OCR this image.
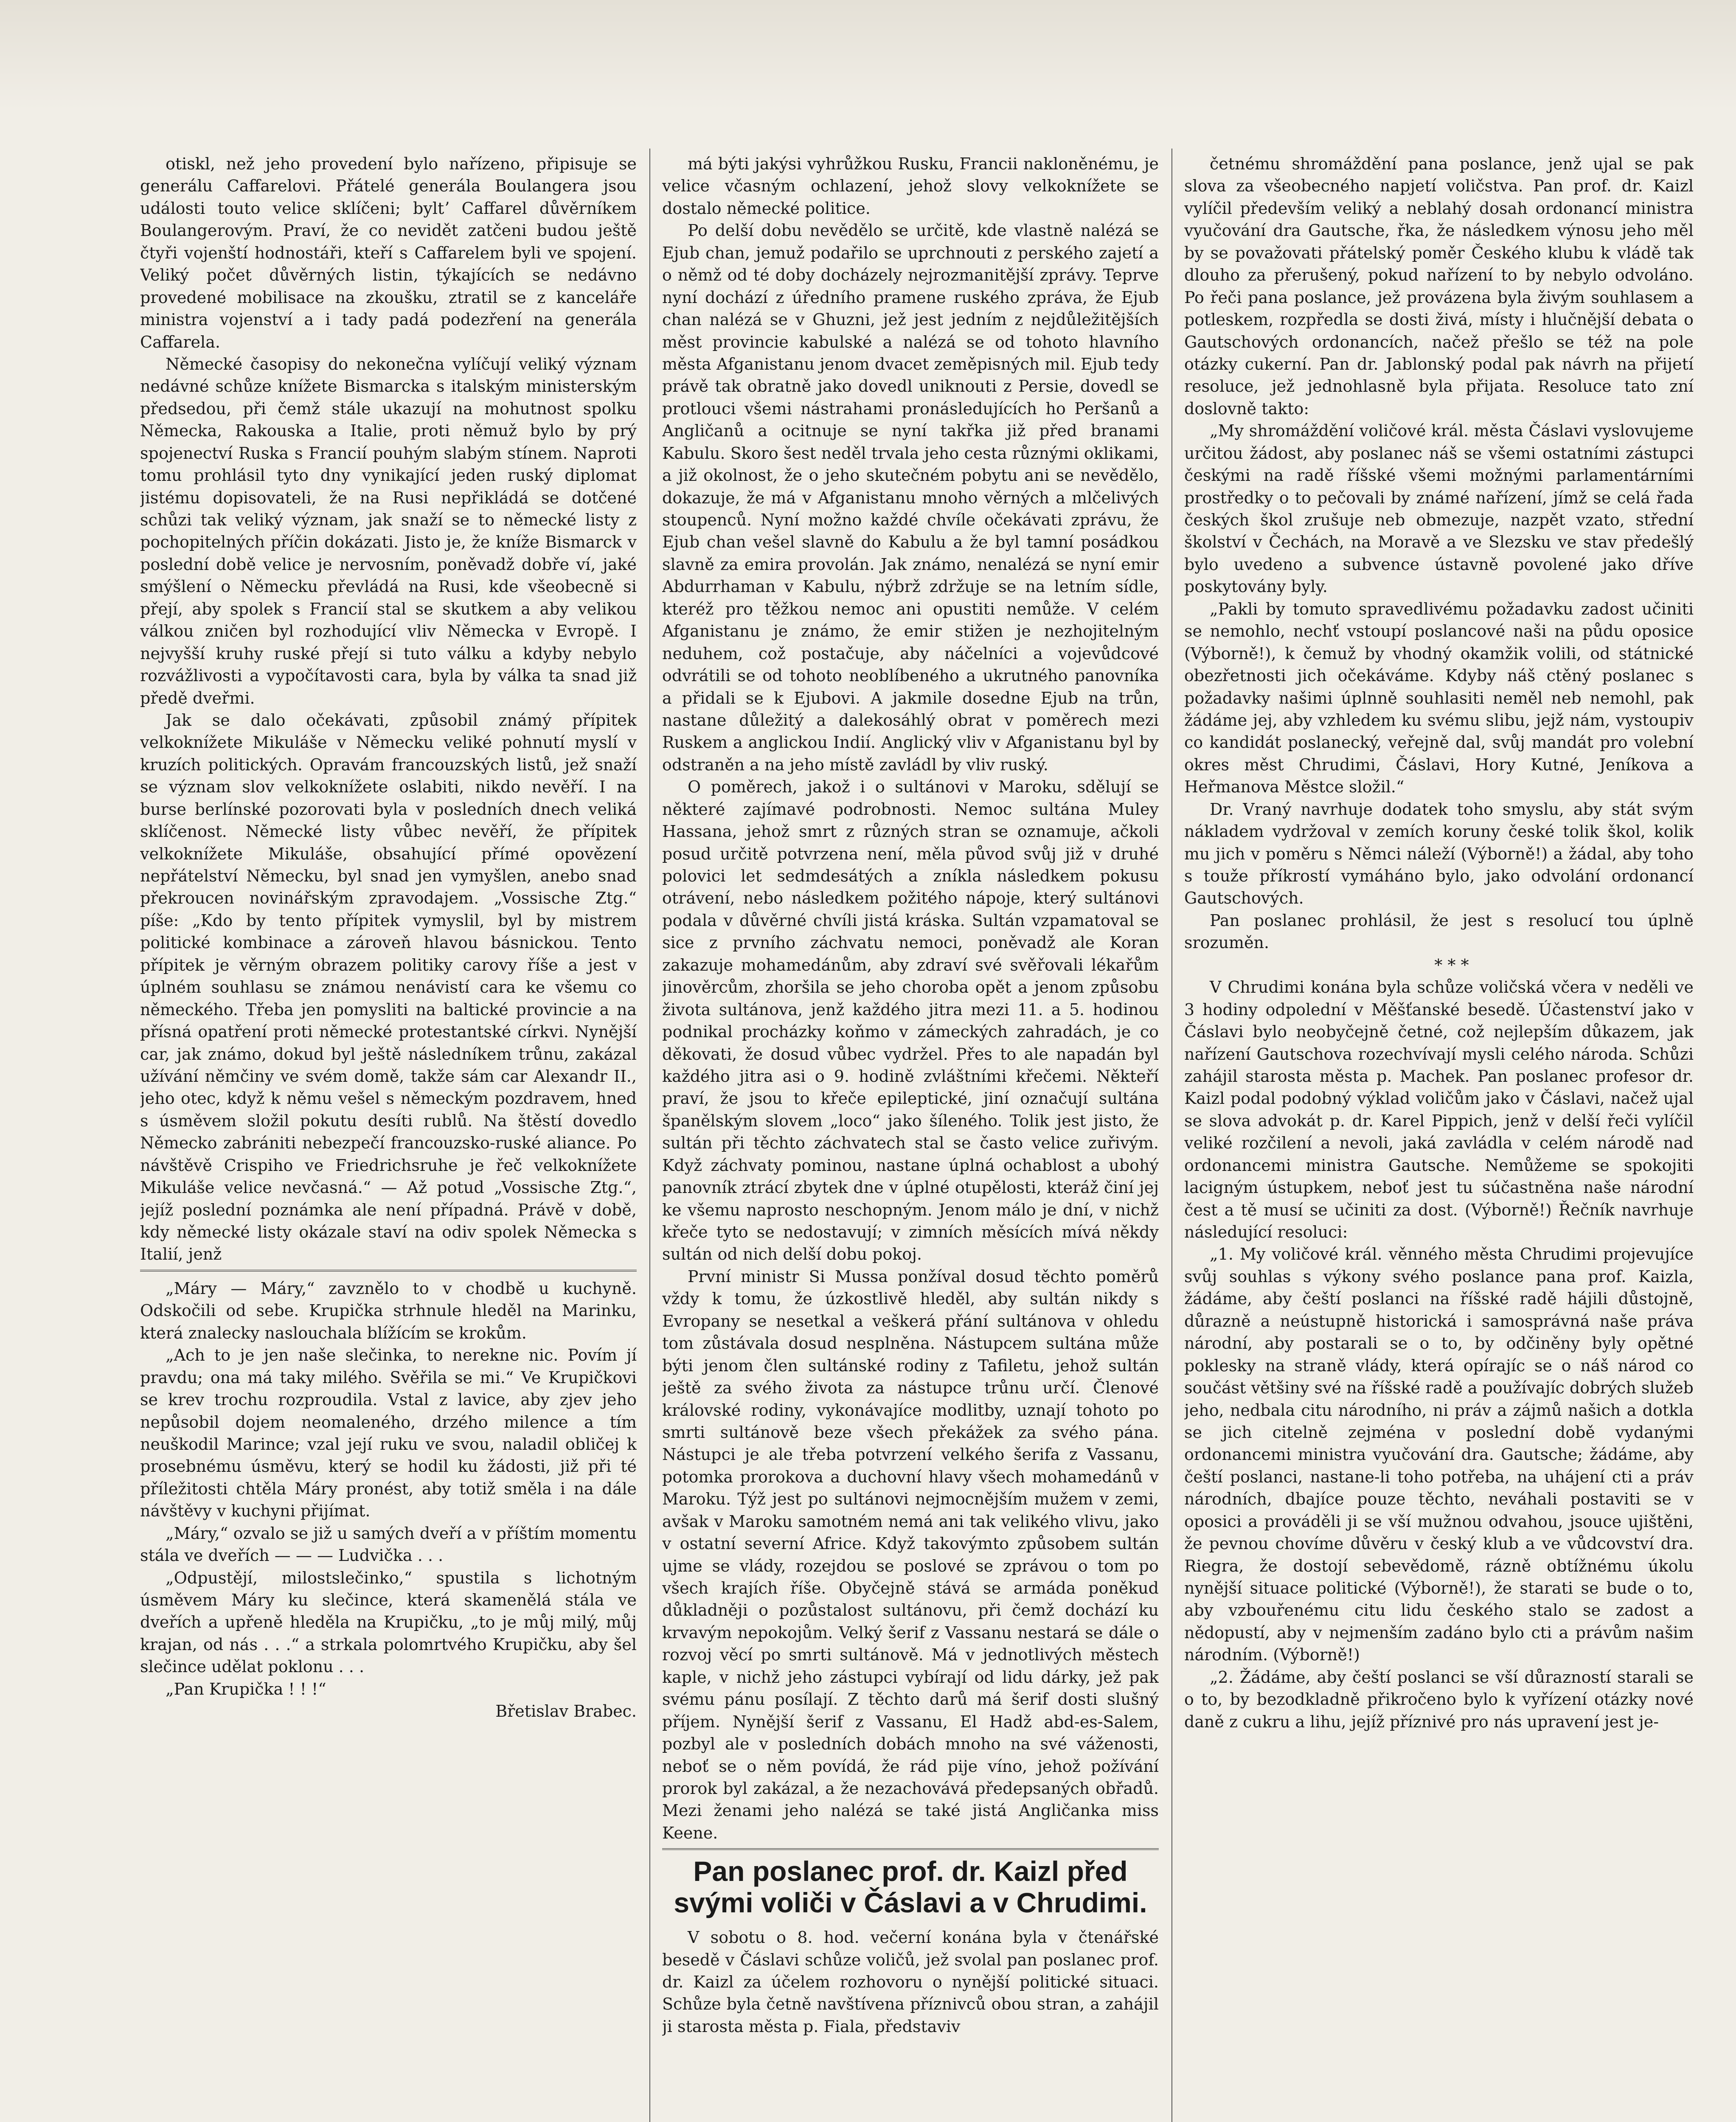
otiskl, než jeho provedení bylo nařízeno, připisuje se generálu Caffarelovi. Přátelé generála Boulangera jsou události touto velice sklíčeni; byltʼ Caffarel důvěrníkem Boulangerovým. Praví, že co nevidět zatčeni budou ještě čtyři vojenští hodnostáři, kteří s Caffarelem byli ve spojení. Veliký počet důvěrných listin, týkajících se nedávno provedené mobilisace na zkoušku, ztratil se z kanceláře ministra vojenství a i tady padá podezření na generála Caffarela.

Německé časopisy do nekonečna vylíčují veliký význam nedávné schůze knížete Bismarcka s italským ministerským předsedou, při čemž stále ukazují na mohutnost spolku Německa, Rakouska a Italie, proti němuž bylo by prý spojenectví Ruska s Francií pouhým slabým stínem. Naproti tomu prohlásil tyto dny vynikající jeden ruský diplomat jistému dopisovateli, že na Rusi nepřikládá se dotčené schůzi tak veliký význam, jak snaží se to německé listy z pochopitelných příčin dokázati. Jisto je, že kníže Bismarck v poslední době velice je nervosním, poněvadž dobře ví, jaké smýšlení o Německu převládá na Rusi, kde všeobecně si přejí, aby spolek s Francií stal se skutkem a aby velikou válkou zničen byl rozhodující vliv Německa v Evropě. I nejvyšší kruhy ruské přejí si tuto válku a kdyby nebylo rozvážlivosti a vypočítavosti cara, byla by válka ta snad již předě dveřmi.

Jak se dalo očekávati, způsobil známý přípitek velkoknížete Mikuláše v Německu veliké pohnutí myslí v kruzích politických. Opravám francouzských listů, jež snaží se význam slov velkoknížete oslabiti, nikdo nevěří. I na burse berlínské pozorovati byla v posledních dnech veliká sklíčenost. Německé listy vůbec nevěří, že přípitek velkoknížete Mikuláše, obsahující přímé opovězení nepřátelství Německu, byl snad jen vymyšlen, anebo snad překroucen novinářským zpravodajem. „Vossische Ztg.“ píše: „Kdo by tento přípitek vymyslil, byl by mistrem politické kombinace a zároveň hlavou básnickou. Tento přípitek je věrným obrazem politiky carovy říše a jest v úplném souhlasu se známou nenávistí cara ke všemu co německého. Třeba jen pomysliti na baltické provincie a na přísná opatření proti německé protestantské církvi. Nynější car, jak známo, dokud byl ještě následníkem trůnu, zakázal užívání němčiny ve svém domě, takže sám car Alexandr II., jeho otec, když k němu vešel s německým pozdravem, hned s úsměvem složil pokutu desíti rublů. Na štěstí dovedlo Německo zabrániti nebezpečí francouzsko-ruské aliance. Po návštěvě Crispiho ve Friedrichsruhe je řeč velkoknížete Mikuláše velice nevčasná.“ — Až potud „Vossische Ztg.“, jejíž poslední poznámka ale není případná. Právě v době, kdy německé listy okázale staví na odiv spolek Německa s Italií, jenž

„Máry — Máry,“ zavznělo to v chodbě u kuchyně. Odskočili od sebe. Krupička strhnule hleděl na Marinku, která znalecky naslouchala blížícím se krokům.

„Ach to je jen naše slečinka, to nerekne nic. Povím jí pravdu; ona má taky milého. Svěřila se mi.“ Ve Krupičkovi se krev trochu rozproudila. Vstal z lavice, aby zjev jeho nepůsobil dojem neomaleného, drzého milence a tím neuškodil Marince; vzal její ruku ve svou, naladil obličej k prosebnému úsměvu, který se hodil ku žádosti, již při té příležitosti chtěla Máry pronést, aby totiž směla i na dále návštěvy v kuchyni přijímat.

„Máry,“ ozvalo se již u samých dveří a v příštím momentu stála ve dveřích — — — Ludvička . . .

„Odpustějí, milostslečinko,“ spustila s lichotným úsměvem Máry ku slečince, která skamenělá stála ve dveřích a upřeně hleděla na Krupičku, „to je můj milý, můj krajan, od nás . . .“ a strkala polomrtvého Krupičku, aby šel slečince udělat poklonu . . .

„Pan Krupička ! ! !“

Břetislav Brabec.

má býti jakýsi vyhrůžkou Rusku, Francii nakloněnému, je velice včasným ochlazení, jehož slovy velkoknížete se dostalo německé politice.

Po delší dobu nevědělo se určitě, kde vlastně nalézá se Ejub chan, jemuž podařilo se uprchnouti z perského zajetí a o němž od té doby docházely nejrozmanitější zprávy. Teprve nyní dochází z úředního pramene ruského zpráva, že Ejub chan nalézá se v Ghuzni, jež jest jedním z nejdůležitějších měst provincie kabulské a nalézá se od tohoto hlavního města Afganistanu jenom dvacet zeměpisných mil. Ejub tedy právě tak obratně jako dovedl uniknouti z Persie, dovedl se protlouci všemi nástrahami pronásledujících ho Peršanů a Angličanů a ocitnuje se nyní takřka již před branami Kabulu. Skoro šest neděl trvala jeho cesta různými oklikami, a již okolnost, že o jeho skutečném pobytu ani se nevědělo, dokazuje, že má v Afganistanu mnoho věrných a mlčelivých stoupenců. Nyní možno každé chvíle očekávati zprávu, že Ejub chan vešel slavně do Kabulu a že byl tamní posádkou slavně za emira provolán. Jak známo, nenalézá se nyní emir Abdurrhaman v Kabulu, nýbrž zdržuje se na letním sídle, kteréž pro těžkou nemoc ani opustiti nemůže. V celém Afganistanu je známo, že emir stižen je nezhojitelným neduhem, což postačuje, aby náčelníci a vojevůdcové odvrátili se od tohoto neoblíbeného a ukrutného panovníka a přidali se k Ejubovi. A jakmile dosedne Ejub na trůn, nastane důležitý a dalekosáhlý obrat v poměrech mezi Ruskem a anglickou Indií. Anglický vliv v Afganistanu byl by odstraněn a na jeho místě zavládl by vliv ruský.

O poměrech, jakož i o sultánovi v Maroku, sdělují se některé zajímavé podrobnosti. Nemoc sultána Muley Hassana, jehož smrt z různých stran se oznamuje, ačkoli posud určitě potvrzena není, měla původ svůj již v druhé polovici let sedmdesátých a zníkla následkem pokusu otrávení, nebo následkem požitého nápoje, který sultánovi podala v důvěrné chvíli jistá kráska. Sultán vzpamatoval se sice z prvního záchvatu nemoci, poněvadž ale Koran zakazuje mohamedánům, aby zdraví své svěřovali lékařům jinověrcům, zhoršila se jeho choroba opět a jenom způsobu života sultánova, jenž každého jitra mezi 11. a 5. hodinou podnikal procházky koňmo v zámeckých zahradách, je co děkovati, že dosud vůbec vydržel. Přes to ale napadán byl každého jitra asi o 9. hodině zvláštními křečemi. Někteří praví, že jsou to křeče epileptické, jiní označují sultána španělským slovem „loco“ jako šíleného. Tolik jest jisto, že sultán při těchto záchvatech stal se často velice zuřivým. Když záchvaty pominou, nastane úplná ochablost a ubohý panovník ztrácí zbytek dne v úplné otupělosti, kteráž činí jej ke všemu naprosto neschopným. Jenom málo je dní, v nichž křeče tyto se nedostavují; v zimních měsících mívá někdy sultán od nich delší dobu pokoj.

První ministr Si Mussa ponžíval dosud těchto poměrů vždy k tomu, že úzkostlivě hleděl, aby sultán nikdy s Evropany se nesetkal a veškerá přání sultánova v ohledu tom zůstávala dosud nesplněna. Nástupcem sultána může býti jenom člen sultánské rodiny z Tafiletu, jehož sultán ještě za svého života za nástupce trůnu určí. Členové královské rodiny, vykonávajíce modlitby, uznají tohoto po smrti sultánově beze všech překážek za svého pána. Nástupci je ale třeba potvrzení velkého šerifa z Vassanu, potomka prorokova a duchovní hlavy všech mohamedánů v Maroku. Týž jest po sultánovi nejmocnějším mužem v zemi, avšak v Maroku samotném nemá ani tak velikého vlivu, jako v ostatní severní Africe. Když takovýmto způsobem sultán ujme se vlády, rozejdou se poslové se zprávou o tom po všech krajích říše. Obyčejně stává se armáda poněkud důkladněji o pozůstalost sultánovu, při čemž dochází ku krvavým nepokojům. Velký šerif z Vassanu nestará se dále o rozvoj věcí po smrti sultánově. Má v jednotlivých městech kaple, v nichž jeho zástupci vybírají od lidu dárky, jež pak svému pánu posílají. Z těchto darů má šerif dosti slušný příjem. Nynější šerif z Vassanu, El Hadž abd-es-Salem, pozbyl ale v posledních dobách mnoho na své váženosti, neboť se o něm povídá, že rád pije víno, jehož požívání prorok byl zakázal, a že nezachovává předepsaných obřadů. Mezi ženami jeho nalézá se také jistá Angličanka miss Keene.

Pan poslanec prof. dr. Kaizl před svými voliči v Čáslavi a v Chrudimi.

V sobotu o 8. hod. večerní konána byla v čtenářské besedě v Čáslavi schůze voličů, jež svolal pan poslanec prof. dr. Kaizl za účelem rozhovoru o nynější politické situaci. Schůze byla četně navštívena příznivců obou stran, a zahájil ji starosta města p. Fiala, představiv

četnému shromáždění pana poslance, jenž ujal se pak slova za všeobecného napjetí voličstva. Pan prof. dr. Kaizl vylíčil především veliký a neblahý dosah ordonancí ministra vyučování dra Gautsche, řka, že následkem výnosu jeho měl by se považovati přátelský poměr Českého klubu k vládě tak dlouho za přerušený, pokud nařízení to by nebylo odvoláno. Po řeči pana poslance, jež provázena byla živým souhlasem a potleskem, rozpředla se dosti živá, místy i hlučnější debata o Gautschových ordonancích, načež přešlo se též na pole otázky cukerní. Pan dr. Jablonský podal pak návrh na přijetí resoluce, jež jednohlasně byla přijata. Resoluce tato zní doslovně takto:

„My shromáždění voličové král. města Čáslavi vyslovujeme určitou žádost, aby poslanec náš se všemi ostatními zástupci českými na radě říšské všemi možnými parlamentárními prostředky o to pečovali by známé nařízení, jímž se celá řada českých škol zrušuje neb obmezuje, nazpět vzato, střední školství v Čechách, na Moravě a ve Slezsku ve stav předešlý bylo uvedeno a subvence ústavně povolené jako dříve poskytovány byly.

„Pakli by tomuto spravedlivému požadavku zadost učiniti se nemohlo, nechť vstoupí poslancové naši na půdu oposice (Výborně!), k čemuž by vhodný okamžik volili, od státnické obezřetnosti jich očekáváme. Kdyby náš ctěný poslanec s požadavky našimi úplnně souhlasiti neměl neb nemohl, pak žádáme jej, aby vzhledem ku svému slibu, jejž nám, vystoupiv co kandidát poslanecký, veřejně dal, svůj mandát pro volební okres měst Chrudimi, Čáslavi, Hory Kutné, Jeníkova a Heřmanova Městce složil.“

Dr. Vraný navrhuje dodatek toho smyslu, aby stát svým nákladem vydržoval v zemích koruny české tolik škol, kolik mu jich v poměru s Němci náleží (Výborně!) a žádal, aby toho s touže příkrostí vymáháno bylo, jako odvolání ordonancí Gautschových.

Pan poslanec prohlásil, že jest s resolucí tou úplně srozuměn.

* * *

V Chrudimi konána byla schůze voličská včera v neděli ve 3 hodiny odpolední v Měšťanské besedě. Účastenství jako v Čáslavi bylo neobyčejně četné, což nejlepším důkazem, jak nařízení Gautschova rozechvívají mysli celého národa. Schůzi zahájil starosta města p. Machek. Pan poslanec profesor dr. Kaizl podal podobný výklad voličům jako v Čáslavi, načež ujal se slova advokát p. dr. Karel Pippich, jenž v delší řeči vylíčil veliké rozčilení a nevoli, jaká zavládla v celém národě nad ordonancemi ministra Gautsche. Nemůžeme se spokojiti lacigným ústupkem, neboť jest tu súčastněna naše národní čest a tě musí se učiniti za dost. (Výborně!) Řečník navrhuje následující resoluci:

„1. My voličové král. věnného města Chrudimi projevujíce svůj souhlas s výkony svého poslance pana prof. Kaizla, žádáme, aby čeští poslanci na říšské radě hájili důstojně, důrazně a neústupně historická i samosprávná naše práva národní, aby postarali se o to, by odčiněny byly opětné poklesky na straně vlády, která opírajíc se o náš národ co součást většiny své na říšské radě a používajíc dobrých služeb jeho, nedbala citu národního, ni práv a zájmů našich a dotkla se jich citelně zejména v poslední době vydanými ordonancemi ministra vyučování dra. Gautsche; žádáme, aby čeští poslanci, nastane-li toho potřeba, na uhájení cti a práv národních, dbajíce pouze těchto, neváhali postaviti se v oposici a prováděli ji se vší mužnou odvahou, jsouce ujištěni, že pevnou chovíme důvěru v český klub a ve vůdcovství dra. Riegra, že dostojí sebevědomě, rázně obtížnému úkolu nynější situace politické (Výborně!), že starati se bude o to, aby vzbouřenému citu lidu českého stalo se zadost a nědopustí, aby v nejmenším zadáno bylo cti a právům našim národním. (Výborně!)

„2. Žádáme, aby čeští poslanci se vší důrazností starali se o to, by bezodkladně přikročeno bylo k vyřízení otázky nové daně z cukru a lihu, jejíž příznivé pro nás upravení jest je-
